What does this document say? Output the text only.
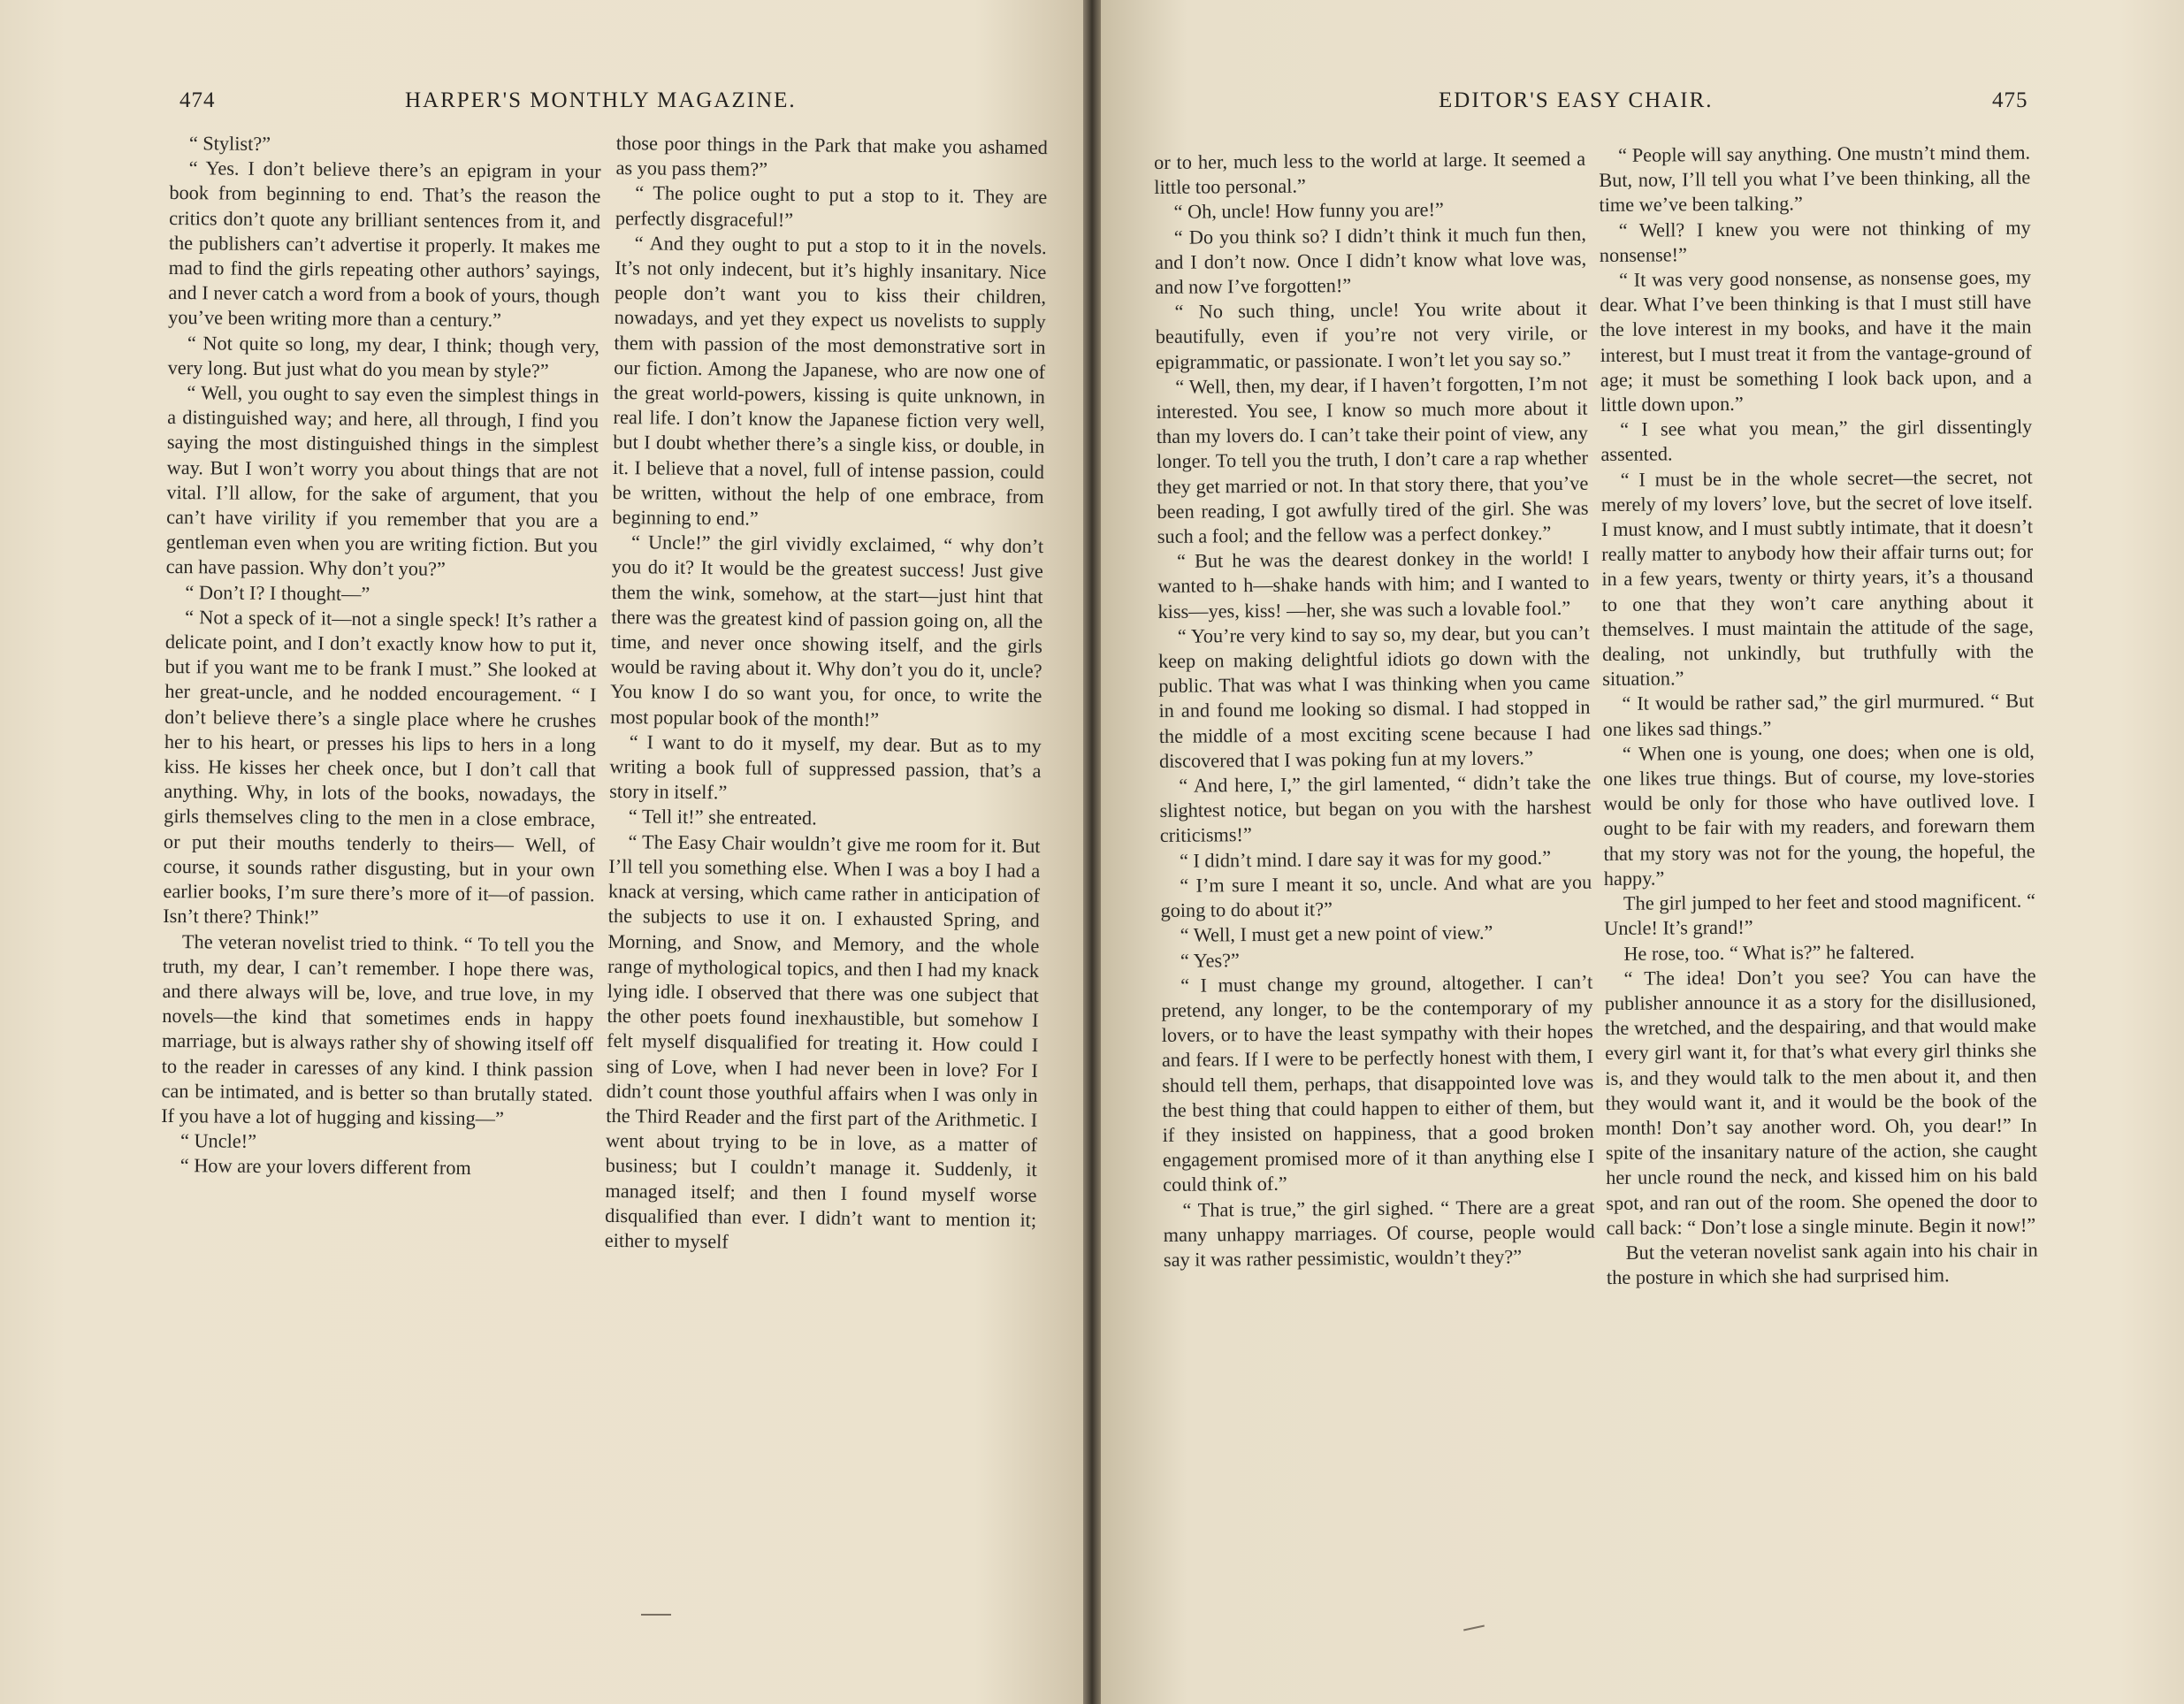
474	HARPER'S MONTHLY MAGAZINE.

“ Stylist?”

“ Yes. I don’t believe there’s an epigram in your book from beginning to end. That’s the reason the critics don’t quote any brilliant sentences from it, and the publishers can’t advertise it properly. It makes me mad to find the girls repeating other authors’ sayings, and I never catch a word from a book of yours, though you’ve been writing more than a century.”

“ Not quite so long, my dear, I think; though very, very long. But just what do you mean by style?”

“ Well, you ought to say even the simplest things in a distinguished way; and here, all through, I find you saying the most distinguished things in the simplest way. But I won’t worry you about things that are not vital. I’ll allow, for the sake of argument, that you can’t have virility if you remember that you are a gentleman even when you are writing fiction. But you can have passion. Why don’t you?”

“ Don’t I? I thought—”

“ Not a speck of it—not a single speck! It’s rather a delicate point, and I don’t exactly know how to put it, but if you want me to be frank I must.” She looked at her great-uncle, and he nodded encouragement. “ I don’t believe there’s a single place where he crushes her to his heart, or presses his lips to hers in a long kiss. He kisses her cheek once, but I don’t call that anything. Why, in lots of the books, nowadays, the girls themselves cling to the men in a close embrace, or put their mouths tenderly to theirs— Well, of course, it sounds rather disgusting, but in your own earlier books, I’m sure there’s more of it—of passion. Isn’t there? Think!”

The veteran novelist tried to think. “ To tell you the truth, my dear, I can’t remember. I hope there was, and there always will be, love, and true love, in my novels—the kind that sometimes ends in happy marriage, but is always rather shy of showing itself off to the reader in caresses of any kind. I think passion can be intimated, and is better so than brutally stated. If you have a lot of hugging and kissing—”

“ Uncle!”

“ How are your lovers different from

those poor things in the Park that make you ashamed as you pass them?”

“ The police ought to put a stop to it. They are perfectly disgraceful!”

“ And they ought to put a stop to it in the novels. It’s not only indecent, but it’s highly insanitary. Nice people don’t want you to kiss their children, nowadays, and yet they expect us novelists to supply them with passion of the most demonstrative sort in our fiction. Among the Japanese, who are now one of the great world-powers, kissing is quite unknown, in real life. I don’t know the Japanese fiction very well, but I doubt whether there’s a single kiss, or double, in it. I believe that a novel, full of intense passion, could be written, without the help of one embrace, from beginning to end.”

“ Uncle!” the girl vividly exclaimed, “ why don’t you do it? It would be the greatest success! Just give them the wink, somehow, at the start—just hint that there was the greatest kind of passion going on, all the time, and never once showing itself, and the girls would be raving about it. Why don’t you do it, uncle? You know I do so want you, for once, to write the most popular book of the month!”

“ I want to do it myself, my dear. But as to my writing a book full of suppressed passion, that’s a story in itself.”

“ Tell it!” she entreated.

“ The Easy Chair wouldn’t give me room for it. But I’ll tell you something else. When I was a boy I had a knack at versing, which came rather in anticipation of the subjects to use it on. I exhausted Spring, and Morning, and Snow, and Memory, and the whole range of mythological topics, and then I had my knack lying idle. I observed that there was one subject that the other poets found inexhaustible, but somehow I felt myself disqualified for treating it. How could I sing of Love, when I had never been in love? For I didn’t count those youthful affairs when I was only in the Third Reader and the first part of the Arithmetic. I went about trying to be in love, as a matter of business; but I couldn’t manage it. Suddenly, it managed itself; and then I found myself worse disqualified than ever. I didn’t want to mention it; either to myself

EDITOR'S EASY CHAIR.	475

or to her, much less to the world at large. It seemed a little too personal.”

“ Oh, uncle! How funny you are!”

“ Do you think so? I didn’t think it much fun then, and I don’t now. Once I didn’t know what love was, and now I’ve forgotten!”

“ No such thing, uncle! You write about it beautifully, even if you’re not very virile, or epigrammatic, or passionate. I won’t let you say so.”

“ Well, then, my dear, if I haven’t forgotten, I’m not interested. You see, I know so much more about it than my lovers do. I can’t take their point of view, any longer. To tell you the truth, I don’t care a rap whether they get married or not. In that story there, that you’ve been reading, I got awfully tired of the girl. She was such a fool; and the fellow was a perfect donkey.”

“ But he was the dearest donkey in the world! I wanted to h—shake hands with him; and I wanted to kiss—yes, kiss! —her, she was such a lovable fool.”

“ You’re very kind to say so, my dear, but you can’t keep on making delightful idiots go down with the public. That was what I was thinking when you came in and found me looking so dismal. I had stopped in the middle of a most exciting scene because I had discovered that I was poking fun at my lovers.”

“ And here, I,” the girl lamented, “ didn’t take the slightest notice, but began on you with the harshest criticisms!”

“ I didn’t mind. I dare say it was for my good.”

“ I’m sure I meant it so, uncle. And what are you going to do about it?”

“ Well, I must get a new point of view.”

“ Yes?”

“ I must change my ground, altogether. I can’t pretend, any longer, to be the contemporary of my lovers, or to have the least sympathy with their hopes and fears. If I were to be perfectly honest with them, I should tell them, perhaps, that disappointed love was the best thing that could happen to either of them, but if they insisted on happiness, that a good broken engagement promised more of it than anything else I could think of.”

“ That is true,” the girl sighed. “ There are a great many unhappy marriages. Of course, people would say it was rather pessimistic, wouldn’t they?”

“ People will say anything. One mustn’t mind them. But, now, I’ll tell you what I’ve been thinking, all the time we’ve been talking.”

“ Well? I knew you were not thinking of my nonsense!”

“ It was very good nonsense, as nonsense goes, my dear. What I’ve been thinking is that I must still have the love interest in my books, and have it the main interest, but I must treat it from the vantage-ground of age; it must be something I look back upon, and a little down upon.”

“ I see what you mean,” the girl dissentingly assented.

“ I must be in the whole secret—the secret, not merely of my lovers’ love, but the secret of love itself. I must know, and I must subtly intimate, that it doesn’t really matter to anybody how their affair turns out; for in a few years, twenty or thirty years, it’s a thousand to one that they won’t care anything about it themselves. I must maintain the attitude of the sage, dealing, not unkindly, but truthfully with the situation.”

“ It would be rather sad,” the girl murmured. “ But one likes sad things.”

“ When one is young, one does; when one is old, one likes true things. But of course, my love-stories would be only for those who have outlived love. I ought to be fair with my readers, and forewarn them that my story was not for the young, the hopeful, the happy.”

The girl jumped to her feet and stood magnificent. “ Uncle! It’s grand!”

He rose, too. “ What is?” he faltered.

“ The idea! Don’t you see? You can have the publisher announce it as a story for the disillusioned, the wretched, and the despairing, and that would make every girl want it, for that’s what every girl thinks she is, and they would talk to the men about it, and then they would want it, and it would be the book of the month! Don’t say another word. Oh, you dear!” In spite of the insanitary nature of the action, she caught her uncle round the neck, and kissed him on his bald spot, and ran out of the room. She opened the door to call back: “ Don’t lose a single minute. Begin it now!”

But the veteran novelist sank again into his chair in the posture in which she had surprised him.
